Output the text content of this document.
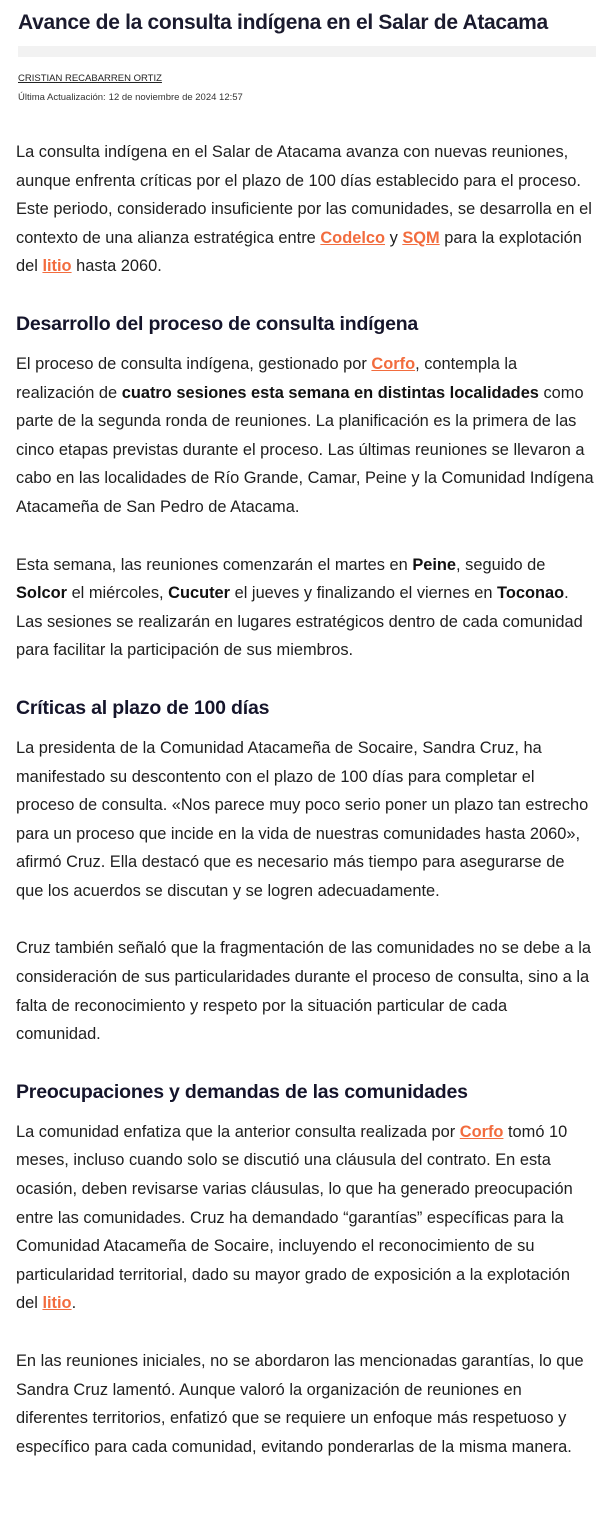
Avance de la consulta indígena en el Salar de Atacama
CRISTIAN RECABARREN ORTIZ
Última Actualización: 12 de noviembre de 2024 12:57

La consulta indígena en el Salar de Atacama avanza con nuevas reuniones, aunque enfrenta críticas por el plazo de 100 días establecido para el proceso. Este periodo, considerado insuficiente por las comunidades, se desarrolla en el contexto de una alianza estratégica entre Codelco y SQM para la explotación del litio hasta 2060.

Desarrollo del proceso de consulta indígena

El proceso de consulta indígena, gestionado por Corfo, contempla la realización de cuatro sesiones esta semana en distintas localidades como parte de la segunda ronda de reuniones. La planificación es la primera de las cinco etapas previstas durante el proceso. Las últimas reuniones se llevaron a cabo en las localidades de Río Grande, Camar, Peine y la Comunidad Indígena Atacameña de San Pedro de Atacama.

Esta semana, las reuniones comenzarán el martes en Peine, seguido de Solcor el miércoles, Cucuter el jueves y finalizando el viernes en Toconao. Las sesiones se realizarán en lugares estratégicos dentro de cada comunidad para facilitar la participación de sus miembros.

Críticas al plazo de 100 días

La presidenta de la Comunidad Atacameña de Socaire, Sandra Cruz, ha manifestado su descontento con el plazo de 100 días para completar el proceso de consulta. «Nos parece muy poco serio poner un plazo tan estrecho para un proceso que incide en la vida de nuestras comunidades hasta 2060», afirmó Cruz. Ella destacó que es necesario más tiempo para asegurarse de que los acuerdos se discutan y se logren adecuadamente.

Cruz también señaló que la fragmentación de las comunidades no se debe a la consideración de sus particularidades durante el proceso de consulta, sino a la falta de reconocimiento y respeto por la situación particular de cada comunidad.

Preocupaciones y demandas de las comunidades

La comunidad enfatiza que la anterior consulta realizada por Corfo tomó 10 meses, incluso cuando solo se discutió una cláusula del contrato. En esta ocasión, deben revisarse varias cláusulas, lo que ha generado preocupación entre las comunidades. Cruz ha demandado “garantías” específicas para la Comunidad Atacameña de Socaire, incluyendo el reconocimiento de su particularidad territorial, dado su mayor grado de exposición a la explotación del litio.

En las reuniones iniciales, no se abordaron las mencionadas garantías, lo que Sandra Cruz lamentó. Aunque valoró la organización de reuniones en diferentes territorios, enfatizó que se requiere un enfoque más respetuoso y específico para cada comunidad, evitando ponderarlas de la misma manera.
